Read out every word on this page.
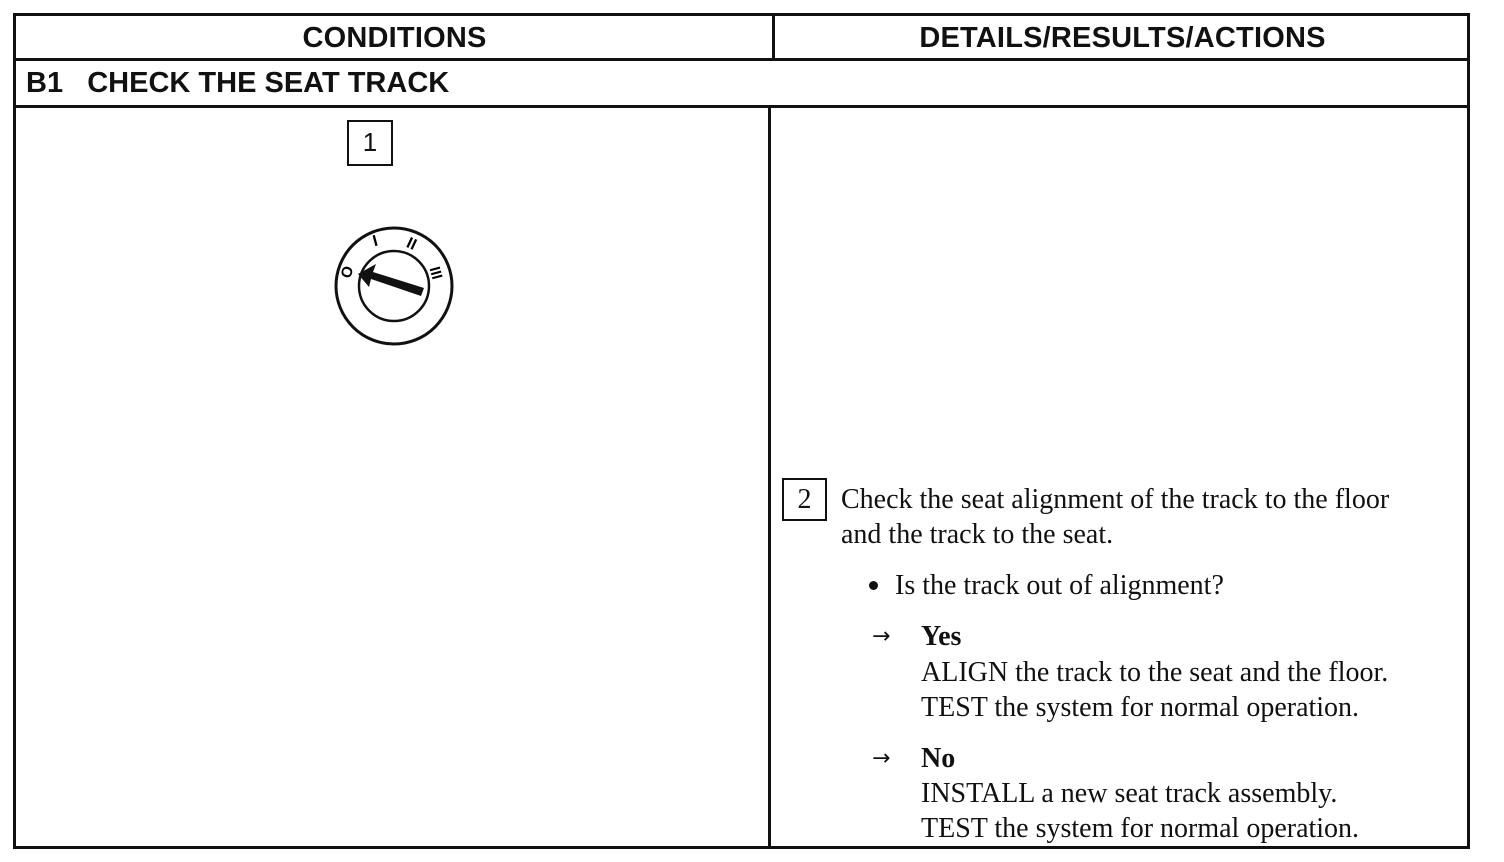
CONDITIONS	DETAILS/RESULTS/ACTIONS
B1   CHECK THE SEAT TRACK
1
O
I II
III
2	Check the seat alignment of the track to the floor
and the track to the seat.
Is the track out of alignment?
→ Yes
ALIGN the track to the seat and the floor.
TEST the system for normal operation.
→ No
INSTALL a new seat track assembly.
TEST the system for normal operation.
